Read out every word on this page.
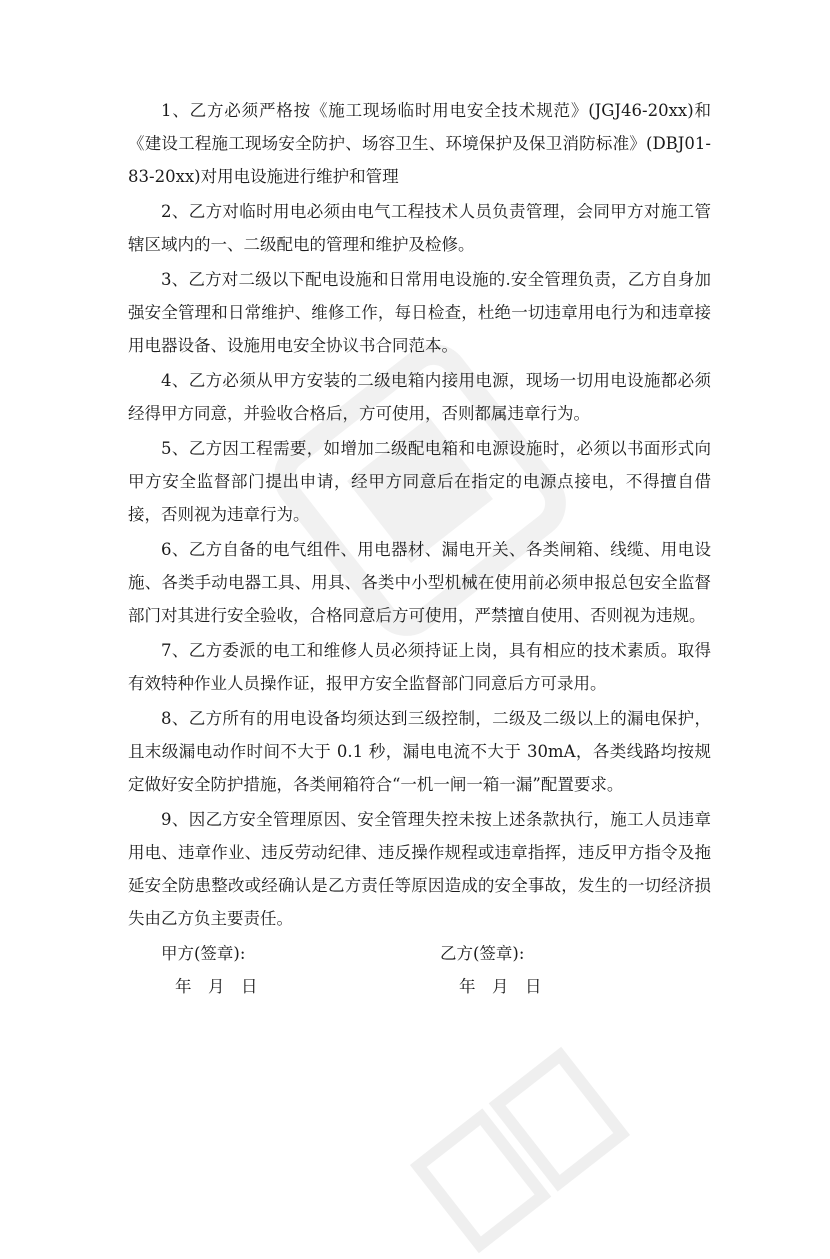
1、乙方必须严格按《施工现场临时用电安全技术规范》(JGJ46-20xx)和《建设工程施工现场安全防护、场容卫生、环境保护及保卫消防标准》(DBJ01-83-20xx)对用电设施进行维护和管理

2、乙方对临时用电必须由电气工程技术人员负责管理，会同甲方对施工管辖区域内的一、二级配电的管理和维护及检修。

3、乙方对二级以下配电设施和日常用电设施的.安全管理负责，乙方自身加强安全管理和日常维护、维修工作，每日检查，杜绝一切违章用电行为和违章接用电器设备、设施用电安全协议书合同范本。

4、乙方必须从甲方安装的二级电箱内接用电源，现场一切用电设施都必须经得甲方同意，并验收合格后，方可使用，否则都属违章行为。

5、乙方因工程需要，如增加二级配电箱和电源设施时，必须以书面形式向甲方安全监督部门提出申请，经甲方同意后在指定的电源点接电，不得擅自借接，否则视为违章行为。

6、乙方自备的电气组件、用电器材、漏电开关、各类闸箱、线缆、用电设施、各类手动电器工具、用具、各类中小型机械在使用前必须申报总包安全监督部门对其进行安全验收，合格同意后方可使用，严禁擅自使用、否则视为违规。

7、乙方委派的电工和维修人员必须持证上岗，具有相应的技术素质。取得有效特种作业人员操作证，报甲方安全监督部门同意后方可录用。

8、乙方所有的用电设备均须达到三级控制，二级及二级以上的漏电保护，且末级漏电动作时间不大于 0.1 秒，漏电电流不大于 30mA，各类线路均按规定做好安全防护措施，各类闸箱符合“一机一闸一箱一漏”配置要求。

9、因乙方安全管理原因、安全管理失控未按上述条款执行，施工人员违章用电、违章作业、违反劳动纪律、违反操作规程或违章指挥，违反甲方指令及拖延安全防患整改或经确认是乙方责任等原因造成的安全事故，发生的一切经济损失由乙方负主要责任。

甲方(签章):	乙方(签章):
年　月　日	年　月　日
